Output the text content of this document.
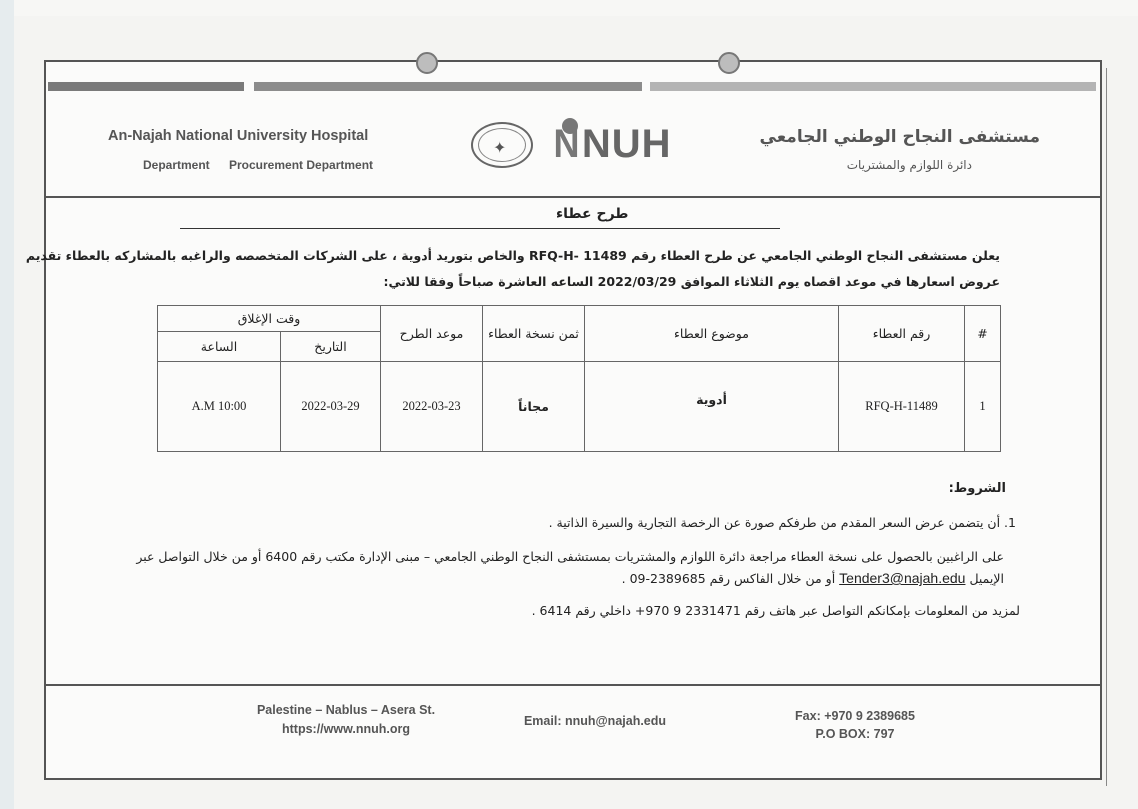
An-Najah National University Hospital
Department Procurement Department
✦ NNUH	مستشفى النجاح الوطني الجامعي
دائرة اللوازم والمشتريات
طرح عطاء
يعلن مستشفى النجاح الوطني الجامعي عن طرح العطاء رقم RFQ-H- 11489 والخاص بتوريد أدوية ، على الشركات المتخصصه والراغبه بالمشاركه بالعطاء تقديم
عروض اسعارها في موعد اقصاه يوم الثلاثاء الموافق 2022/03/29 الساعه العاشرة صباحاً وفقا للاتي:
#	رقم العطاء	موضوع العطاء	ثمن نسخة العطاء	موعد الطرح	وقت الإغلاق	
					التاريخ	الساعة
1	RFQ-H-11489	أدوية	مجاناً	2022-03-23	2022-03-29	A.M 10:00
الشروط:
1. أن يتضمن عرض السعر المقدم من طرفكم صورة عن الرخصة التجارية والسيرة الذاتية .
على الراغبين بالحصول على نسخة العطاء مراجعة دائرة اللوازم والمشتريات بمستشفى النجاح الوطني الجامعي – مبنى الإدارة مكتب رقم 6400 أو من خلال التواصل عبر
الإيميل Tender3@najah.edu أو من خلال الفاكس رقم 2389685-09 .
لمزيد من المعلومات بإمكانكم التواصل عبر هاتف رقم 2331471 9 970+ داخلي رقم 6414 .
Palestine – Nablus – Asera St.
https://www.nnuh.org
Email: nnuh@najah.edu	Fax: +970 9 2389685
P.O BOX: 797
